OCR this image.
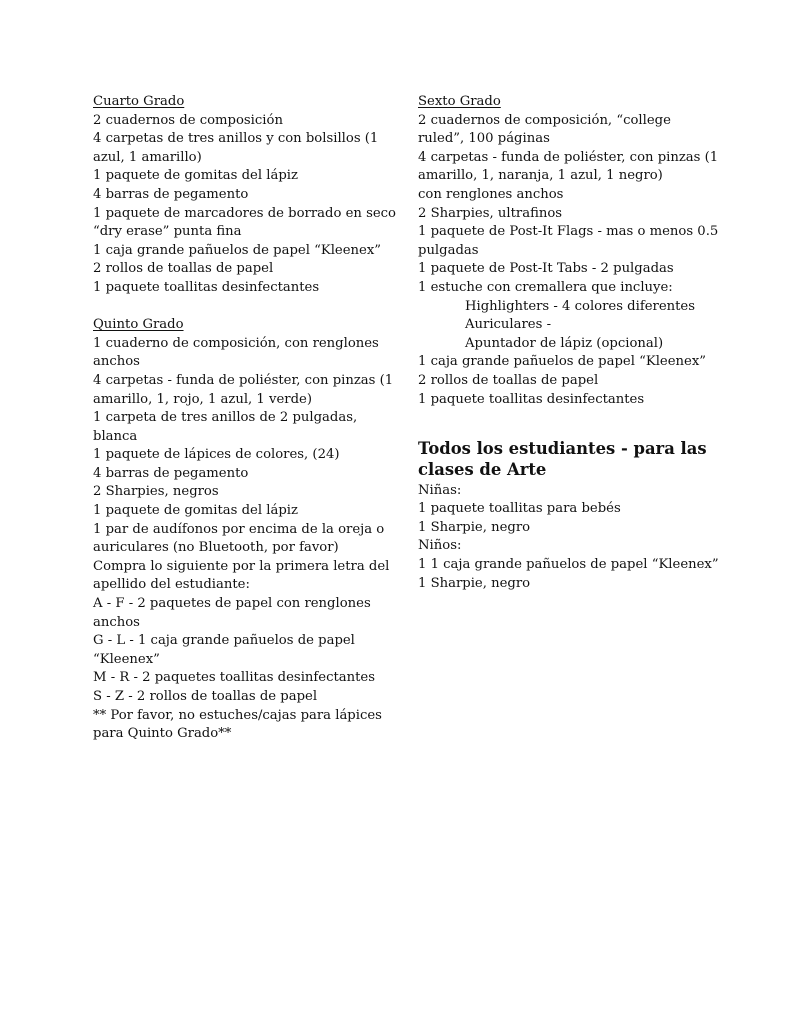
Cuarto Grado

2 cuadernos de composición

4 carpetas de tres anillos y con bolsillos (1

azul, 1 amarillo)

1 paquete de gomitas del lápiz

4 barras de pegamento

1 paquete de marcadores de borrado en seco

“dry erase” punta fina

1 caja grande pañuelos de papel “Kleenex”

2 rollos de toallas de papel

1 paquete toallitas desinfectantes

Quinto Grado

1 cuaderno de composición, con renglones

anchos

4 carpetas - funda de poliéster, con pinzas (1

amarillo, 1, rojo, 1 azul, 1 verde)

1 carpeta de tres anillos de 2 pulgadas,

blanca

1 paquete de lápices de colores, (24)

4 barras de pegamento

2 Sharpies, negros

1 paquete de gomitas del lápiz

1 par de audífonos por encima de la oreja o

auriculares (no Bluetooth, por favor)

Compra lo siguiente por la primera letra del

apellido del estudiante:

A - F - 2 paquetes de papel con renglones

anchos

G - L - 1 caja grande pañuelos de papel

“Kleenex”

M - R - 2 paquetes toallitas desinfectantes

S - Z - 2 rollos de toallas de papel

** Por favor, no estuches/cajas para lápices

para Quinto Grado**

Sexto Grado

2 cuadernos de composición, “college

ruled”, 100 páginas

4 carpetas - funda de poliéster, con pinzas (1

amarillo, 1, naranja, 1 azul, 1 negro)

con renglones anchos

2 Sharpies, ultrafinos

1 paquete de Post-It Flags - mas o menos 0.5

pulgadas

1 paquete de Post-It Tabs - 2 pulgadas

1 estuche con cremallera que incluye:

Highlighters - 4 colores diferentes

Auriculares -

Apuntador de lápiz (opcional)

1 caja grande pañuelos de papel “Kleenex”

2 rollos de toallas de papel

1 paquete toallitas desinfectantes

Todos los estudiantes - para las

clases de Arte

Niñas:

1 paquete toallitas para bebés

1 Sharpie, negro

Niños:

1 1 caja grande pañuelos de papel “Kleenex”

1 Sharpie, negro
